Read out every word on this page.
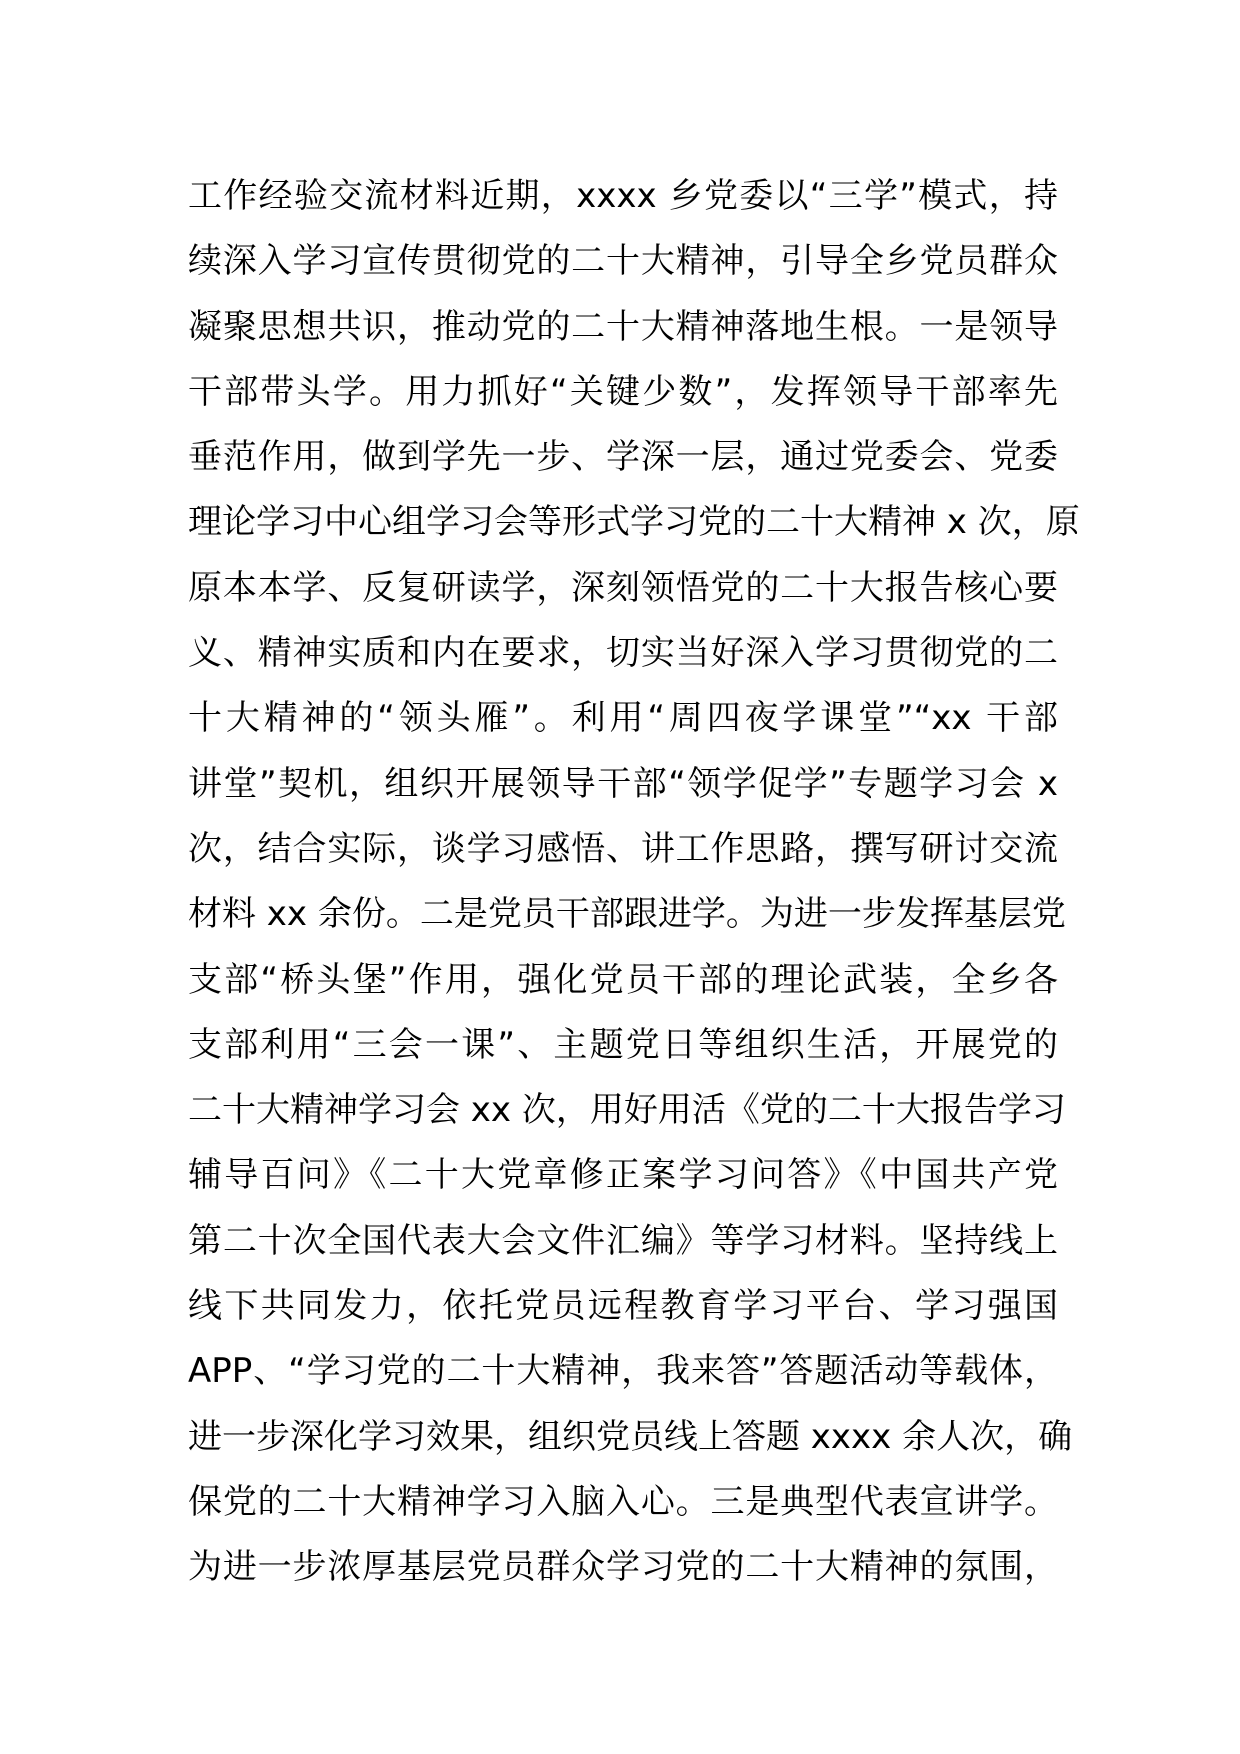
工作经验交流材料近期，xxxx 乡党委以“三学”模式，持
续深入学习宣传贯彻党的二十大精神，引导全乡党员群众
凝聚思想共识，推动党的二十大精神落地生根。一是领导
干部带头学。用力抓好“关键少数”，发挥领导干部率先
垂范作用，做到学先一步、学深一层，通过党委会、党委
理论学习中心组学习会等形式学习党的二十大精神 x 次，原
原本本学、反复研读学，深刻领悟党的二十大报告核心要
义、精神实质和内在要求，切实当好深入学习贯彻党的二
十大精神的“领头雁”。利用“周四夜学课堂”“xx 干部
讲堂”契机，组织开展领导干部“领学促学”专题学习会 x
次，结合实际，谈学习感悟、讲工作思路，撰写研讨交流
材料 xx 余份。二是党员干部跟进学。为进一步发挥基层党
支部“桥头堡”作用，强化党员干部的理论武装，全乡各
支部利用“三会一课”、主题党日等组织生活，开展党的
二十大精神学习会 xx 次，用好用活《党的二十大报告学习
辅导百问》《二十大党章修正案学习问答》《中国共产党
第二十次全国代表大会文件汇编》等学习材料。坚持线上
线下共同发力，依托党员远程教育学习平台、学习强国
APP、“学习党的二十大精神，我来答”答题活动等载体，
进一步深化学习效果，组织党员线上答题 xxxx 余人次，确
保党的二十大精神学习入脑入心。三是典型代表宣讲学。
为进一步浓厚基层党员群众学习党的二十大精神的氛围，
